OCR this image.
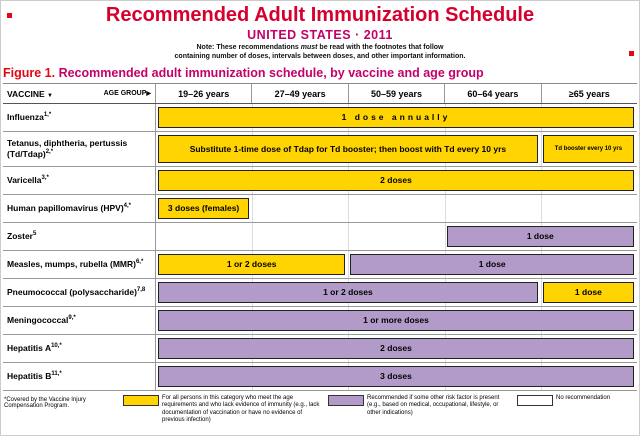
Recommended Adult Immunization Schedule
UNITED STATES · 2011
Note: These recommendations must be read with the footnotes that follow
containing number of doses, intervals between doses, and other important information.
Figure 1. Recommended adult immunization schedule, by vaccine and age group
VACCINE ▼	AGE GROUP▶	19–26 years	27–49 years	50–59 years	60–64 years	≥65 years
Influenza$^{1,*}$	1 dose annually
Tetanus, diphtheria, pertussis (Td/Tdap)$^{2,*}$	Substitute 1-time dose of Tdap for Td booster; then boost with Td every 10 yrs	Td booster every 10 yrs
Varicella$^{3,*}$	2 doses
Human papillomavirus (HPV)$^{4,*}$	3 doses (females)
Zoster$^5$	1 dose
Measles, mumps, rubella (MMR)$^{6,*}$	1 or 2 doses	1 dose
Pneumococcal (polysaccharide)$^{7,8}$	1 or 2 doses	1 dose
Meningococcal$^{9,*}$	1 or more doses
Hepatitis $A^{10,*}$	2 doses
Hepatitis $B^{11,*}$	3 doses
*Covered by the Vaccine Injury Compensation Program.
For all persons in this category who meet the age requirements and who lack evidence of immunity (e.g., lack documentation of vaccination or have no evidence of previous infection)
Recommended if some other risk factor is present (e.g., based on medical, occupational, lifestyle, or other indications)
No recommendation
